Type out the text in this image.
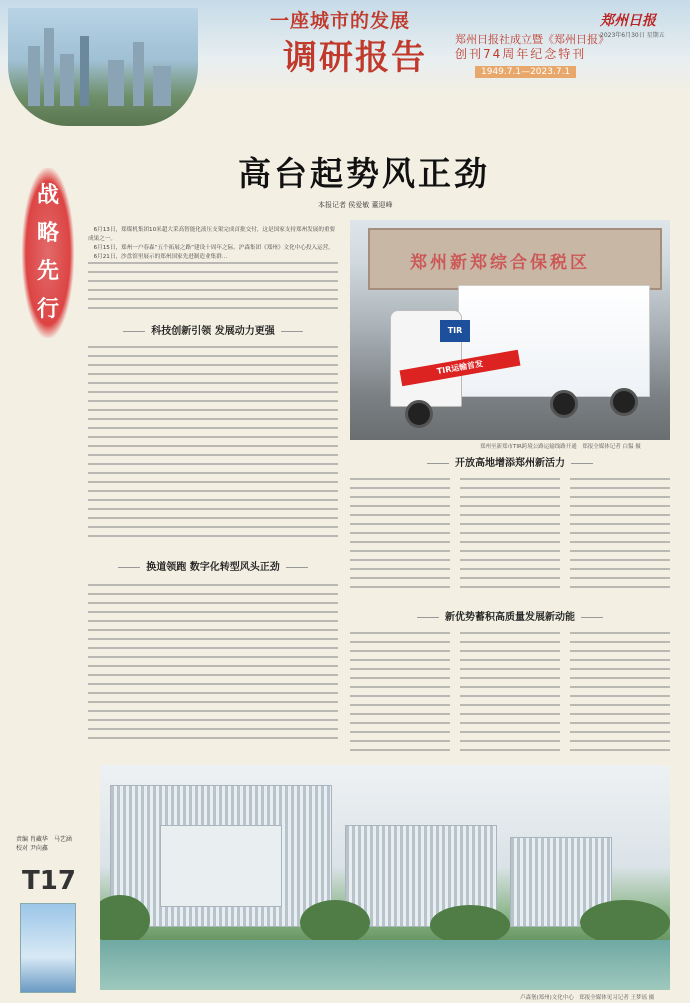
一座城市的发展
调研报告	郑州日报社成立暨《郑州日报》
创刊74周年纪念特刊
1949.7.1—2023.7.1
郑州日报
2023年6月30日 星期五
战
略
先
行
高台起势风正劲
本报记者 侯爱敏 董迎峰

6月13日，郑煤机集团10米超大采高智能化液压支架完成首批交付，这是国家支持郑州发展的重要成果之一。

6月15日，郑州一户春森“五个拓展之路”建设十周年之际，沪森集团《郑州》文化中心投入运营。

6月21日，沙盘馆里展示的郑州国家先进制造业集群…

科技创新引领 发展动力更强
换道领跑 数字化转型风头正劲
郑州新郑综合保税区
TIR
TIR运输首发
郑州至新郑市TIR跨境公路运输线路开通　郑报全媒体记者 白韫 摄
开放高地增添郑州新活力
新优势蓄积高质量发展新动能
卢森堡(郑州)文化中心　郑报全媒体见习记者 王梦瑶 摄
责编 肖藏华　马艺涵
校对 尹向鑫
T17
